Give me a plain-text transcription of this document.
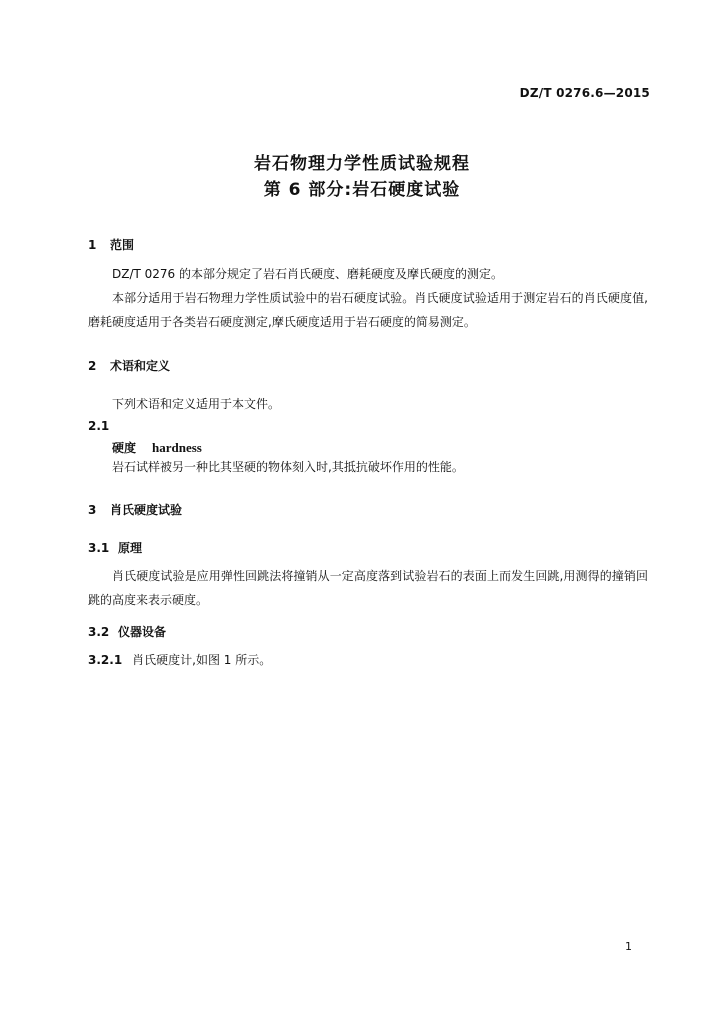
DZ/T 0276.6—2015
岩石物理力学性质试验规程
第 6 部分:岩石硬度试验
1 范围
DZ/T 0276 的本部分规定了岩石肖氏硬度、磨耗硬度及摩氏硬度的测定。
本部分适用于岩石物理力学性质试验中的岩石硬度试验。肖氏硬度试验适用于测定岩石的肖氏硬度值,磨耗硬度适用于各类岩石硬度测定,摩氏硬度适用于岩石硬度的简易测定。
2 术语和定义
下列术语和定义适用于本文件。
2.1
硬度 hardness
岩石试样被另一种比其坚硬的物体刻入时,其抵抗破坏作用的性能。
3 肖氏硬度试验
3.1 原理
肖氏硬度试验是应用弹性回跳法将撞销从一定高度落到试验岩石的表面上而发生回跳,用测得的撞销回跳的高度来表示硬度。
3.2 仪器设备
3.2.1 肖氏硬度计,如图 1 所示。
1
